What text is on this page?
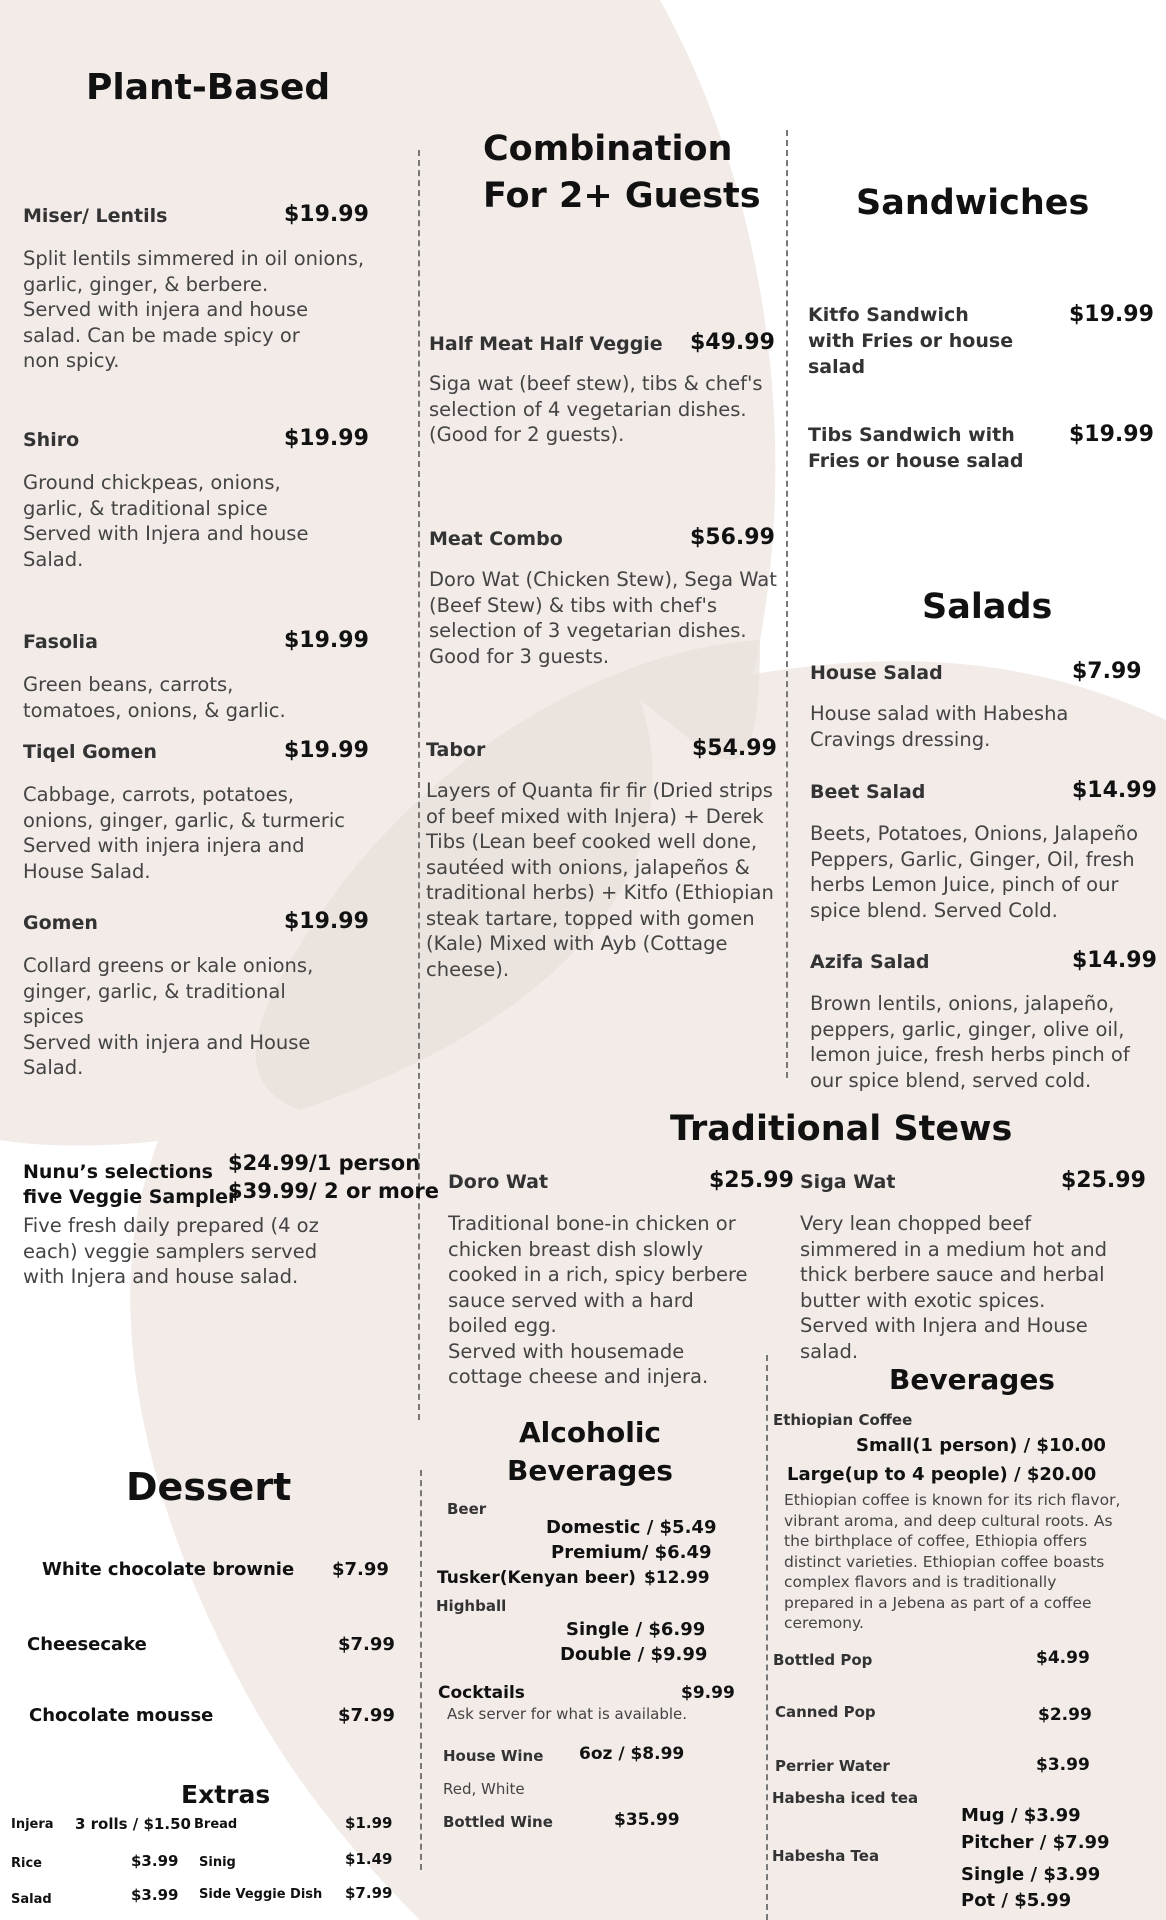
Plant-Based
Miser/ Lentils	$19.99
Split lentils simmered in oil onions,
garlic, ginger, & berbere.
Served with injera and house
salad. Can be made spicy or
non spicy.
Shiro	$19.99
Ground chickpeas, onions,
garlic, & traditional spice
Served with Injera and house
Salad.
Fasolia	$19.99
Green beans, carrots,
tomatoes, onions, & garlic.
Tiqel Gomen	$19.99
Cabbage, carrots, potatoes,
onions, ginger, garlic, & turmeric
Served with injera injera and
House Salad.
Gomen	$19.99
Collard greens or kale onions,
ginger, garlic, & traditional
spices
Served with injera and House
Salad.
Nunu’s selections
five Veggie Sampler
$24.99/1 person
$39.99/ 2 or more
Five fresh daily prepared (4 oz
each) veggie samplers served
with Injera and house salad.
Combination
For 2+ Guests
Half Meat Half Veggie $49.99
Siga wat (beef stew), tibs & chef's
selection of 4 vegetarian dishes.
(Good for 2 guests).
Meat Combo	$56.99
Doro Wat (Chicken Stew), Sega Wat
(Beef Stew) & tibs with chef's
selection of 3 vegetarian dishes.
Good for 3 guests.
Tabor	$54.99
Layers of Quanta fir fir (Dried strips
of beef mixed with Injera) + Derek
Tibs (Lean beef cooked well done,
sautéed with onions, jalapeños &
traditional herbs) + Kitfo (Ethiopian
steak tartare, topped with gomen
(Kale) Mixed with Ayb (Cottage
cheese).
Sandwiches
Kitfo Sandwich
with Fries or house
salad
$19.99
Tibs Sandwich with
Fries or house salad
$19.99
Salads
House Salad	$7.99
House salad with Habesha
Cravings dressing.
Beet Salad	$14.99
Beets, Potatoes, Onions, Jalapeño
Peppers, Garlic, Ginger, Oil, fresh
herbs Lemon Juice, pinch of our
spice blend. Served Cold.
Azifa Salad	$14.99
Brown lentils, onions, jalapeño,
peppers, garlic, ginger, olive oil,
lemon juice, fresh herbs pinch of
our spice blend, served cold.
Traditional Stews
Doro Wat	$25.99
Traditional bone-in chicken or
chicken breast dish slowly
cooked in a rich, spicy berbere
sauce served with a hard
boiled egg.
Served with housemade
cottage cheese and injera.
Siga Wat	$25.99
Very lean chopped beef
simmered in a medium hot and
thick berbere sauce and herbal
butter with exotic spices.
Served with Injera and House
salad.
Dessert
White chocolate brownie $7.99
Cheesecake	$7.99
Chocolate mousse	$7.99
Extras
Injera 3 rolls / $1.50
Rice	$3.99
Salad	$3.99
Bread	$1.99
Sinig	$1.49
Side Veggie Dish $7.99
Alcoholic
Beverages
Beer
Domestic / $5.49
Premium/ $6.49
Tusker(Kenyan beer) $12.99
Highball
Single / $6.99
Double / $9.99
Cocktails	$9.99
Ask server for what is available.
House Wine 6oz / $8.99
Red, White
Bottled Wine	$35.99
Beverages
Ethiopian Coffee
Small(1 person) / $10.00
Large(up to 4 people) / $20.00
Ethiopian coffee is known for its rich flavor,
vibrant aroma, and deep cultural roots. As
the birthplace of coffee, Ethiopia offers
distinct varieties. Ethiopian coffee boasts
complex flavors and is traditionally
prepared in a Jebena as part of a coffee
ceremony.
Bottled Pop	$4.99
Canned Pop	$2.99
Perrier Water	$3.99
Habesha iced tea
Mug / $3.99
Pitcher / $7.99
Habesha Tea
Single / $3.99
Pot / $5.99
